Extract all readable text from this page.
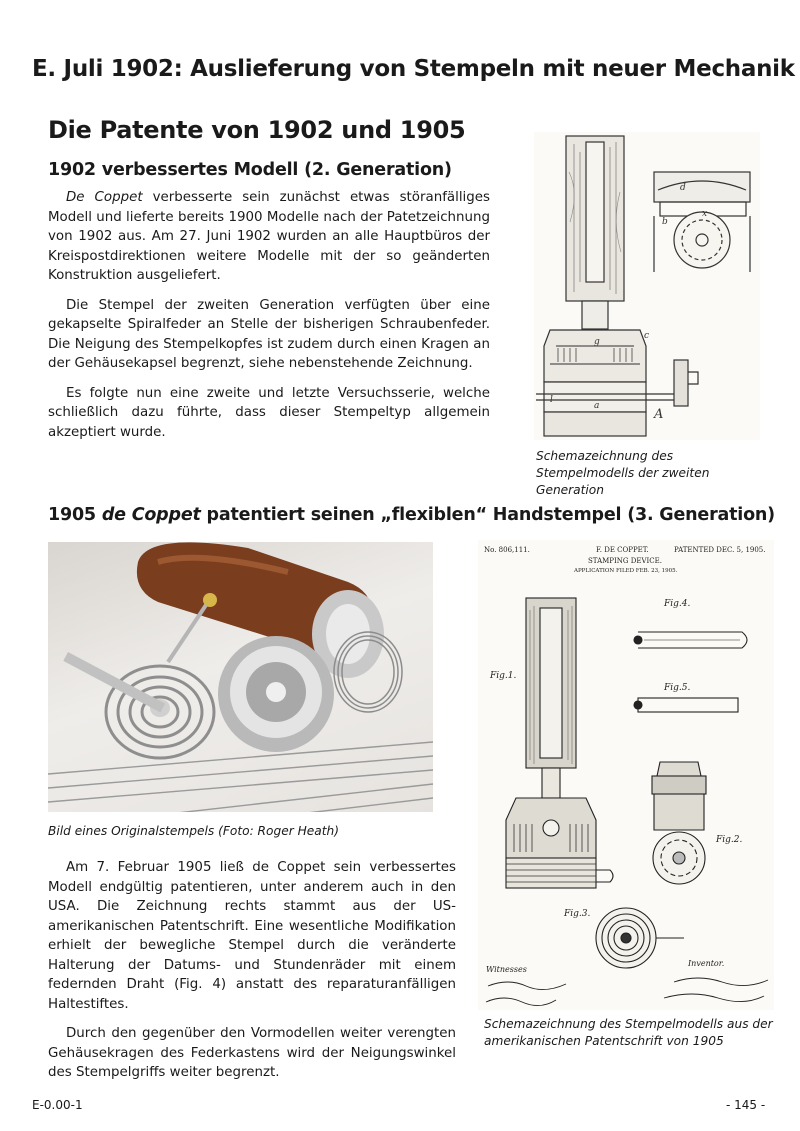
E. Juli 1902: Auslieferung von Stempeln mit neuer Mechanik
Die Patente von 1902 und 1905
1902 verbessertes Modell (2. Generation)

De Coppet verbesserte sein zunächst etwas störanfälliges Modell und lieferte bereits 1900 Modelle nach der Patetzeichnung von 1902 aus. Am 27. Juni 1902 wurden an alle Hauptbüros der Kreispostdirektionen weitere Modelle mit der so geänderten Konstruktion ausgeliefert.

Die Stempel der zweiten Generation verfügten über eine gekapselte Spiralfeder an Stelle der bisherigen Schraubenfeder. Die Neigung des Stempelkopfes ist zudem durch einen Kragen an der Gehäusekapsel begrenzt, siehe nebenstehende Zeichnung.

Es folgte nun eine zweite und letzte Versuchsserie, welche schließlich dazu führte, dass dieser Stempeltyp allgemein akzeptiert wurde.

d
b
x
c
g
A
a
l
Schemazeichnung des Stempelmodells der zweiten Generation
1905 de Coppet patentiert seinen „flexiblen“ Handstempel (3. Generation)
Bild eines Originalstempels (Foto: Roger Heath)

Am 7. Februar 1905 ließ de Coppet sein verbessertes Modell endgültig patentieren, unter anderem auch in den USA. Die Zeichnung rechts stammt aus der US-amerikanischen Patentschrift. Eine wesentliche Modifikation erhielt der bewegliche Stempel durch die veränderte Halterung der Datums- und Stundenräder mit einem federnden Draht (Fig. 4) anstatt des reparaturanfälligen Haltestiftes.

Durch den gegenüber den Vormodellen weiter verengten Gehäusekragen des Federkastens wird der Neigungswinkel des Stempelgriffs weiter begrenzt.

No. 806,111.	F. DE COPPET.	PATENTED DEC. 5, 1905.
STAMPING DEVICE.
APPLICATION FILED FEB. 23, 1905.
Fig.1.
Fig.4.
Fig.5.
Fig.2.
Fig.3.
Witnesses
Inventor.
Schemazeichnung des Stempelmodells aus der amerikanischen Patentschrift von 1905
E-0.00-1	- 145 -
